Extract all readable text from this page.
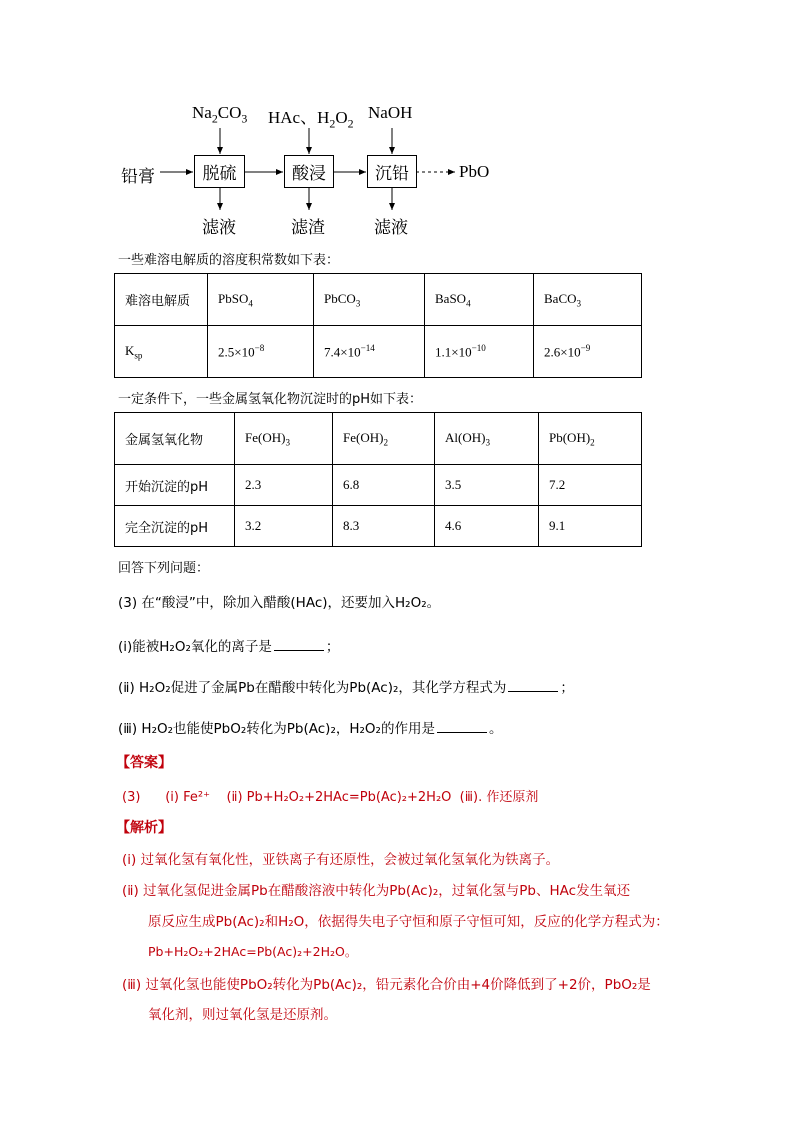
$Na_2CO_3$ HAc、$H_2O_2$
NaOH
铅膏	脱硫	酸浸	沉铅	PbO
滤液	滤渣	滤液
一些难溶电解质的溶度积常数如下表：
难溶电解质	PbSO$_4$	PbCO$_3$	BaSO$_4$	BaCO$_3$
$K_{sp}$	$2.5\times 10^{-8}$	$7.4\times 10^{-14}$	$1.1\times 10^{-10}$	$2.6\times 10^{-9}$
一定条件下，一些金属氢氧化物沉淀时的pH如下表：
金属氢氧化物	$Fe(OH)_3$	$Fe(OH)_2$	$Al(OH)_3$	$Pb(OH)_2$
开始沉淀的pH	2.3	6.8	3.5	7.2
完全沉淀的pH	3.2	8.3	4.6	9.1
回答下列问题：
(3) 在“酸浸”中，除加入醋酸(HAc)，还要加入H₂O₂。
(ⅰ)能被H₂O₂氧化的离子是	；
(ⅱ) H₂O₂促进了金属Pb在醋酸中转化为Pb(Ac)₂，其化学方程式为	；
(ⅲ) H₂O₂也能使PbO₂转化为Pb(Ac)₂，H₂O₂的作用是	。
【答案】
(3)      (ⅰ) Fe²⁺    (ⅱ) Pb+H₂O₂+2HAc=Pb(Ac)₂+2H₂O  (ⅲ). 作还原剂
【解析】
(ⅰ) 过氧化氢有氧化性，亚铁离子有还原性，会被过氧化氢氧化为铁离子。
(ⅱ) 过氧化氢促进金属Pb在醋酸溶液中转化为Pb(Ac)₂，过氧化氢与Pb、HAc发生氧还
原反应生成Pb(Ac)₂和H₂O，依据得失电子守恒和原子守恒可知，反应的化学方程式为：
Pb+H₂O₂+2HAc=Pb(Ac)₂+2H₂O。
(ⅲ) 过氧化氢也能使PbO₂转化为Pb(Ac)₂，铅元素化合价由+4价降低到了+2价，PbO₂是
氧化剂，则过氧化氢是还原剂。
